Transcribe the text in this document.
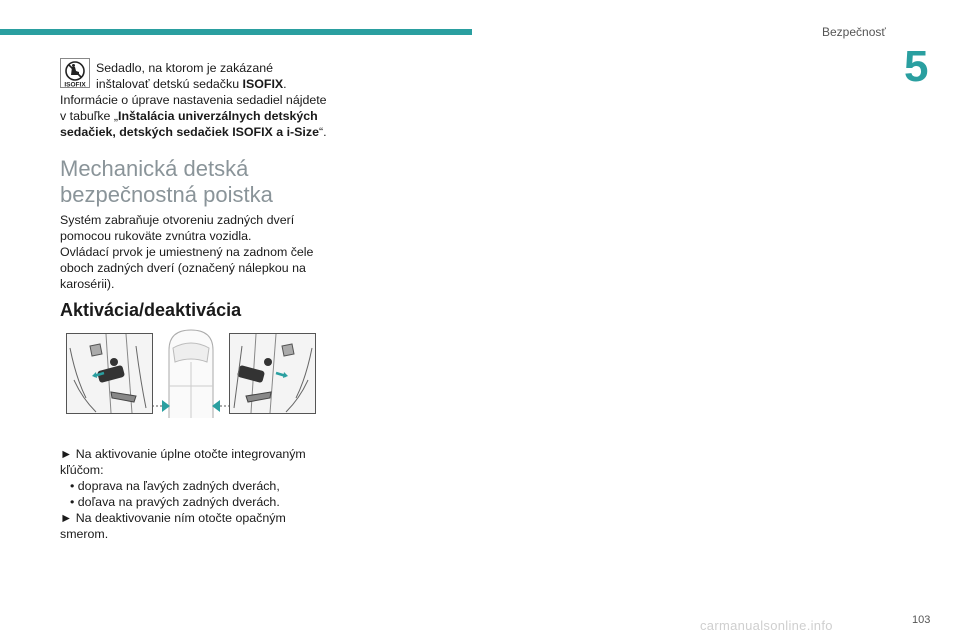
Bezpečnosť
5
ISOFIX

Sedadlo, na ktorom je zakázané

inštalovať detskú sedačku ISOFIX.

Informácie o úprave nastavenia sedadiel nájdete

v tabuľke „Inštalácia univerzálnych detských

sedačiek, detských sedačiek ISOFIX a i-Size“.

Mechanická detská
bezpečnostná poistka

Systém zabraňuje otvoreniu zadných dverí

pomocou rukoväte zvnútra vozidla.

Ovládací prvok je umiestnený na zadnom čele

oboch zadných dverí (označený nálepkou na

karosérii).

Aktivácia/deaktivácia

► Na aktivovanie úplne otočte integrovaným

kľúčom:

• doprava na ľavých zadných dverách,

• doľava na pravých zadných dverách.

► Na deaktivovanie ním otočte opačným

smerom.

carmanualsonline.info	103
